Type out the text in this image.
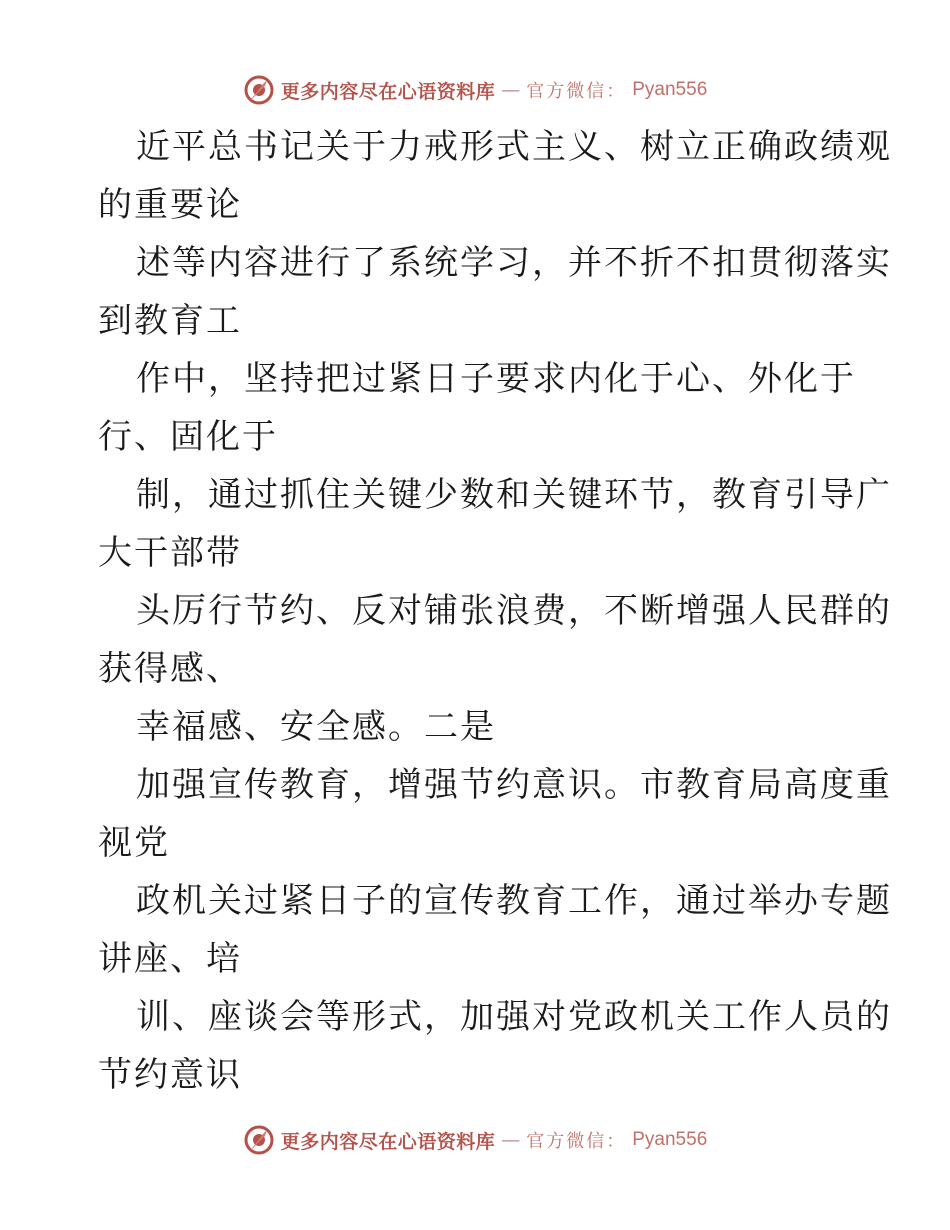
更多内容尽在心语资料库 — 官方微信： Pyan556
近平总书记关于力戒形式主义、树立正确政绩观
的重要论
述等内容进行了系统学习，并不折不扣贯彻落实
到教育工
作中，坚持把过紧日子要求内化于心、外化于
行、固化于
制，通过抓住关键少数和关键环节，教育引导广
大干部带
头厉行节约、反对铺张浪费，不断增强人民群的
获得感、
幸福感、安全感。二是
加强宣传教育，增强节约意识。市教育局高度重
视党
政机关过紧日子的宣传教育工作，通过举办专题
讲座、培
训、座谈会等形式，加强对党政机关工作人员的
节约意识
更多内容尽在心语资料库 — 官方微信： Pyan556
